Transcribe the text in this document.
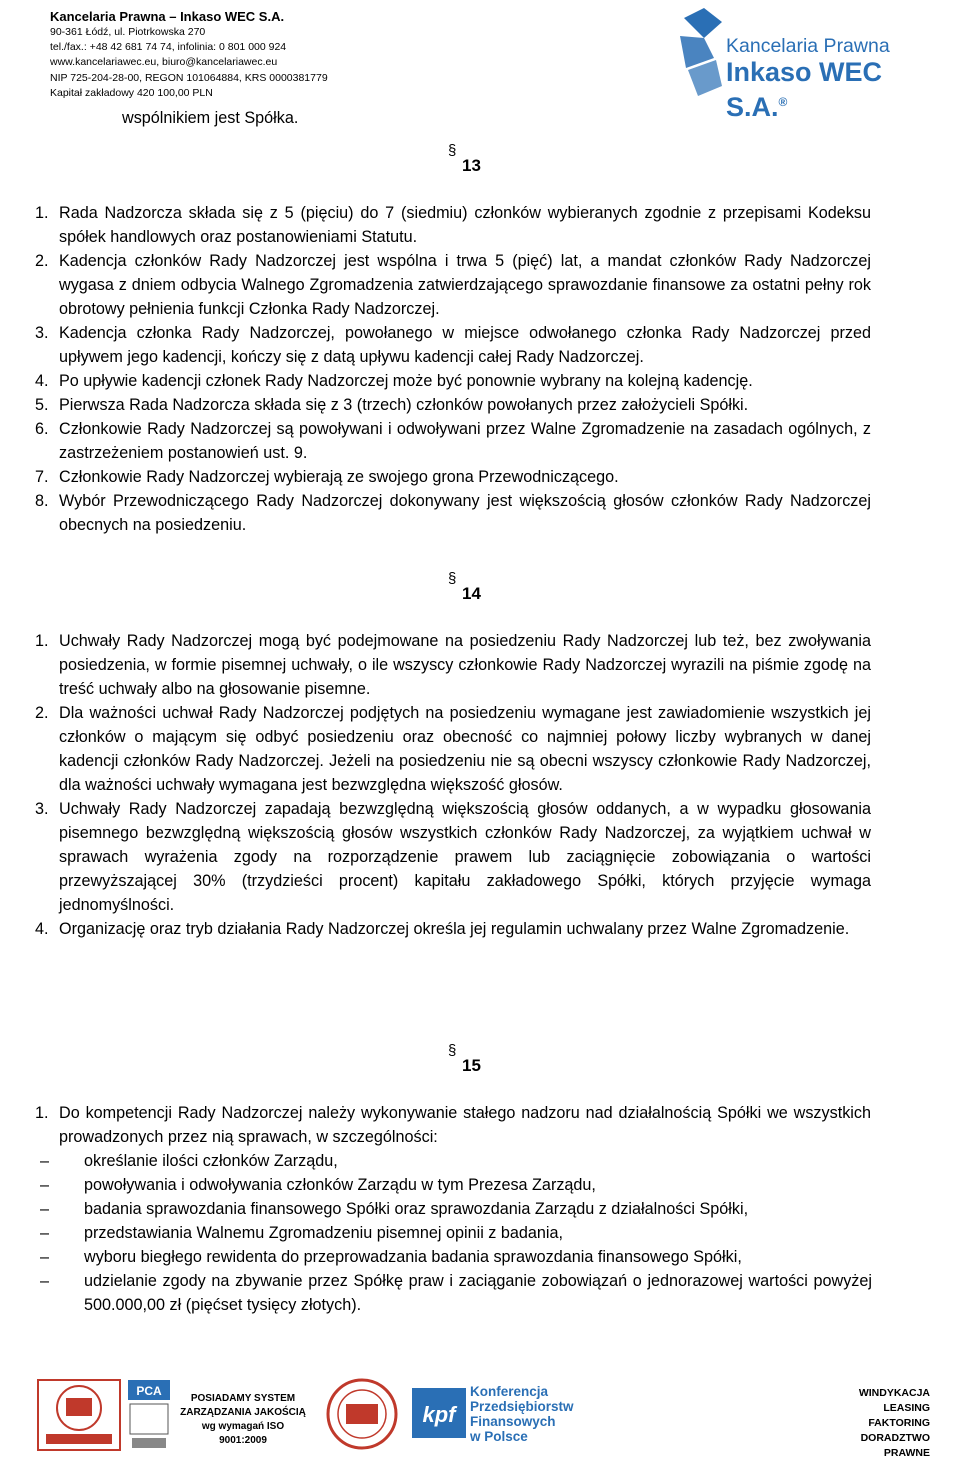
Kancelaria Prawna – Inkaso WEC S.A.
90-361 Łódź, ul. Piotrkowska 270
tel./fax.: +48 42 681 74 74, infolinia: 0 801 000 924
www.kancelariawec.eu, biuro@kancelariawec.eu
NIP 725-204-28-00, REGON 101064884, KRS 0000381779
Kapitał zakładowy 420 100,00 PLN
Kancelaria Prawna
Inkaso WEC S.A.®
wspólnikiem jest Spółka.
§
13
1. Rada Nadzorcza składa się z 5 (pięciu) do 7 (siedmiu) członków wybieranych zgodnie z przepisami Kodeksu spółek handlowych oraz postanowieniami Statutu.
2. Kadencja członków Rady Nadzorczej jest wspólna i trwa 5 (pięć) lat, a mandat członków Rady Nadzorczej wygasa z dniem odbycia Walnego Zgromadzenia zatwierdzającego sprawozdanie finansowe za ostatni pełny rok obrotowy pełnienia funkcji Członka Rady Nadzorczej.
3. Kadencja członka Rady Nadzorczej, powołanego w miejsce odwołanego członka Rady Nadzorczej przed upływem jego kadencji, kończy się z datą upływu kadencji całej Rady Nadzorczej.
4. Po upływie kadencji członek Rady Nadzorczej może być ponownie wybrany na kolejną kadencję.
5. Pierwsza Rada Nadzorcza składa się z 3 (trzech) członków powołanych przez założycieli Spółki.
6. Członkowie Rady Nadzorczej są powoływani i odwoływani przez Walne Zgromadzenie na zasadach ogólnych, z zastrzeżeniem postanowień ust. 9.
7. Członkowie Rady Nadzorczej wybierają ze swojego grona Przewodniczącego.
8. Wybór Przewodniczącego Rady Nadzorczej dokonywany jest większością głosów członków Rady Nadzorczej obecnych na posiedzeniu.
§
14
1. Uchwały Rady Nadzorczej mogą być podejmowane na posiedzeniu Rady Nadzorczej lub też, bez zwoływania posiedzenia, w formie pisemnej uchwały, o ile wszyscy członkowie Rady Nadzorczej wyrazili na piśmie zgodę na treść uchwały albo na głosowanie pisemne.
2. Dla ważności uchwał Rady Nadzorczej podjętych na posiedzeniu wymagane jest zawiadomienie wszystkich jej członków o mającym się odbyć posiedzeniu oraz obecność co najmniej połowy liczby wybranych w danej kadencji członków Rady Nadzorczej. Jeżeli na posiedzeniu nie są obecni wszyscy członkowie Rady Nadzorczej, dla ważności uchwały wymagana jest bezwzględna większość głosów.
3. Uchwały Rady Nadzorczej zapadają bezwzględną większością głosów oddanych, a w wypadku głosowania pisemnego bezwzględną większością głosów wszystkich członków Rady Nadzorczej, za wyjątkiem uchwał w sprawach wyrażenia zgody na rozporządzenie prawem lub zaciągnięcie zobowiązania o wartości przewyższającej 30% (trzydzieści procent) kapitału zakładowego Spółki, których przyjęcie wymaga jednomyślności.
4. Organizację oraz tryb działania Rady Nadzorczej określa jej regulamin uchwalany przez Walne Zgromadzenie.
§
15
1. Do kompetencji Rady Nadzorczej należy wykonywanie stałego nadzoru nad działalnością Spółki we wszystkich prowadzonych przez nią sprawach, w szczególności:
– określanie ilości członków Zarządu,
– powoływania i odwoływania członków Zarządu w tym Prezesa Zarządu,
– badania sprawozdania finansowego Spółki oraz sprawozdania Zarządu z działalności Spółki,
– przedstawiania Walnemu Zgromadzeniu pisemnej opinii z badania,
– wyboru biegłego rewidenta do przeprowadzania badania sprawozdania finansowego Spółki,
– udzielanie zgody na zbywanie przez Spółkę praw i zaciąganie zobowiązań o jednorazowej wartości powyżej 500.000,00 zł (pięćset tysięcy złotych).
PCA
POSIADAMY SYSTEM ZARZĄDZANIA JAKOŚCIĄ wg wymagań ISO 9001:2009
kpf
Konferencja Przedsiębiorstw Finansowych w Polsce
WINDYKACJA
LEASING
FAKTORING
DORADZTWO PRAWNE
